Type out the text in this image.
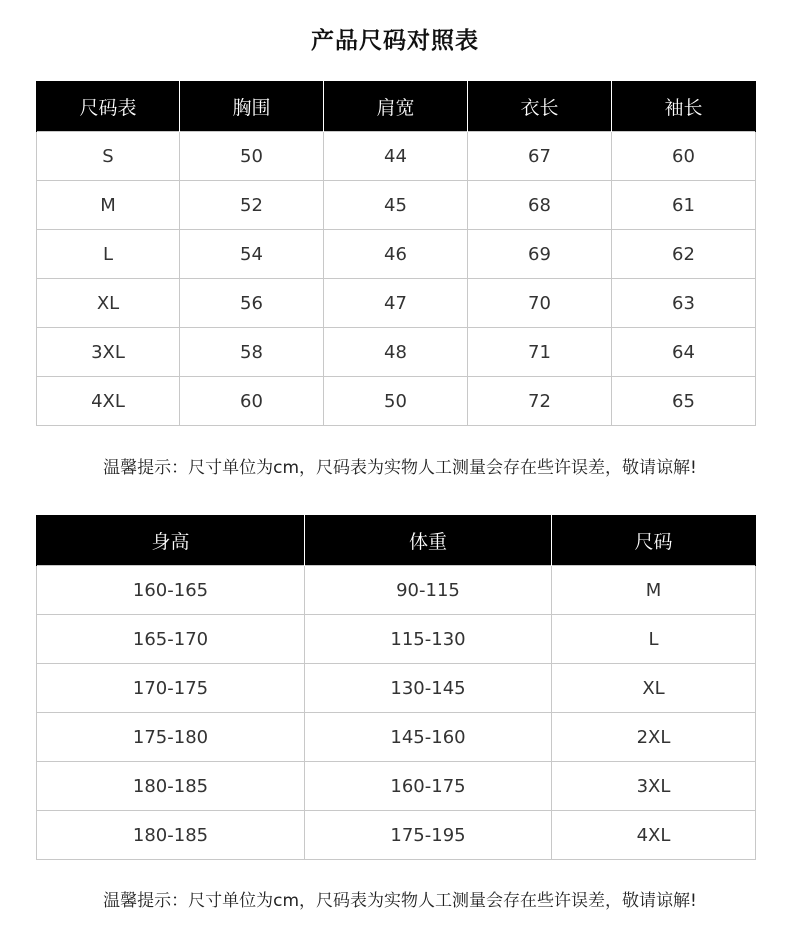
产品尺码对照表
尺码表	胸围	肩宽	衣长	袖长
S	50	44	67	60
M	52	45	68	61
L	54	46	69	62
XL	56	47	70	63
3XL	58	48	71	64
4XL	60	50	72	65
温馨提示：尺寸单位为cm，尺码表为实物人工测量会存在些许误差，敬请谅解!
身高	体重	尺码
160-165	90-115	M
165-170	115-130	L
170-175	130-145	XL
175-180	145-160	2XL
180-185	160-175	3XL
180-185	175-195	4XL
温馨提示：尺寸单位为cm，尺码表为实物人工测量会存在些许误差，敬请谅解!
